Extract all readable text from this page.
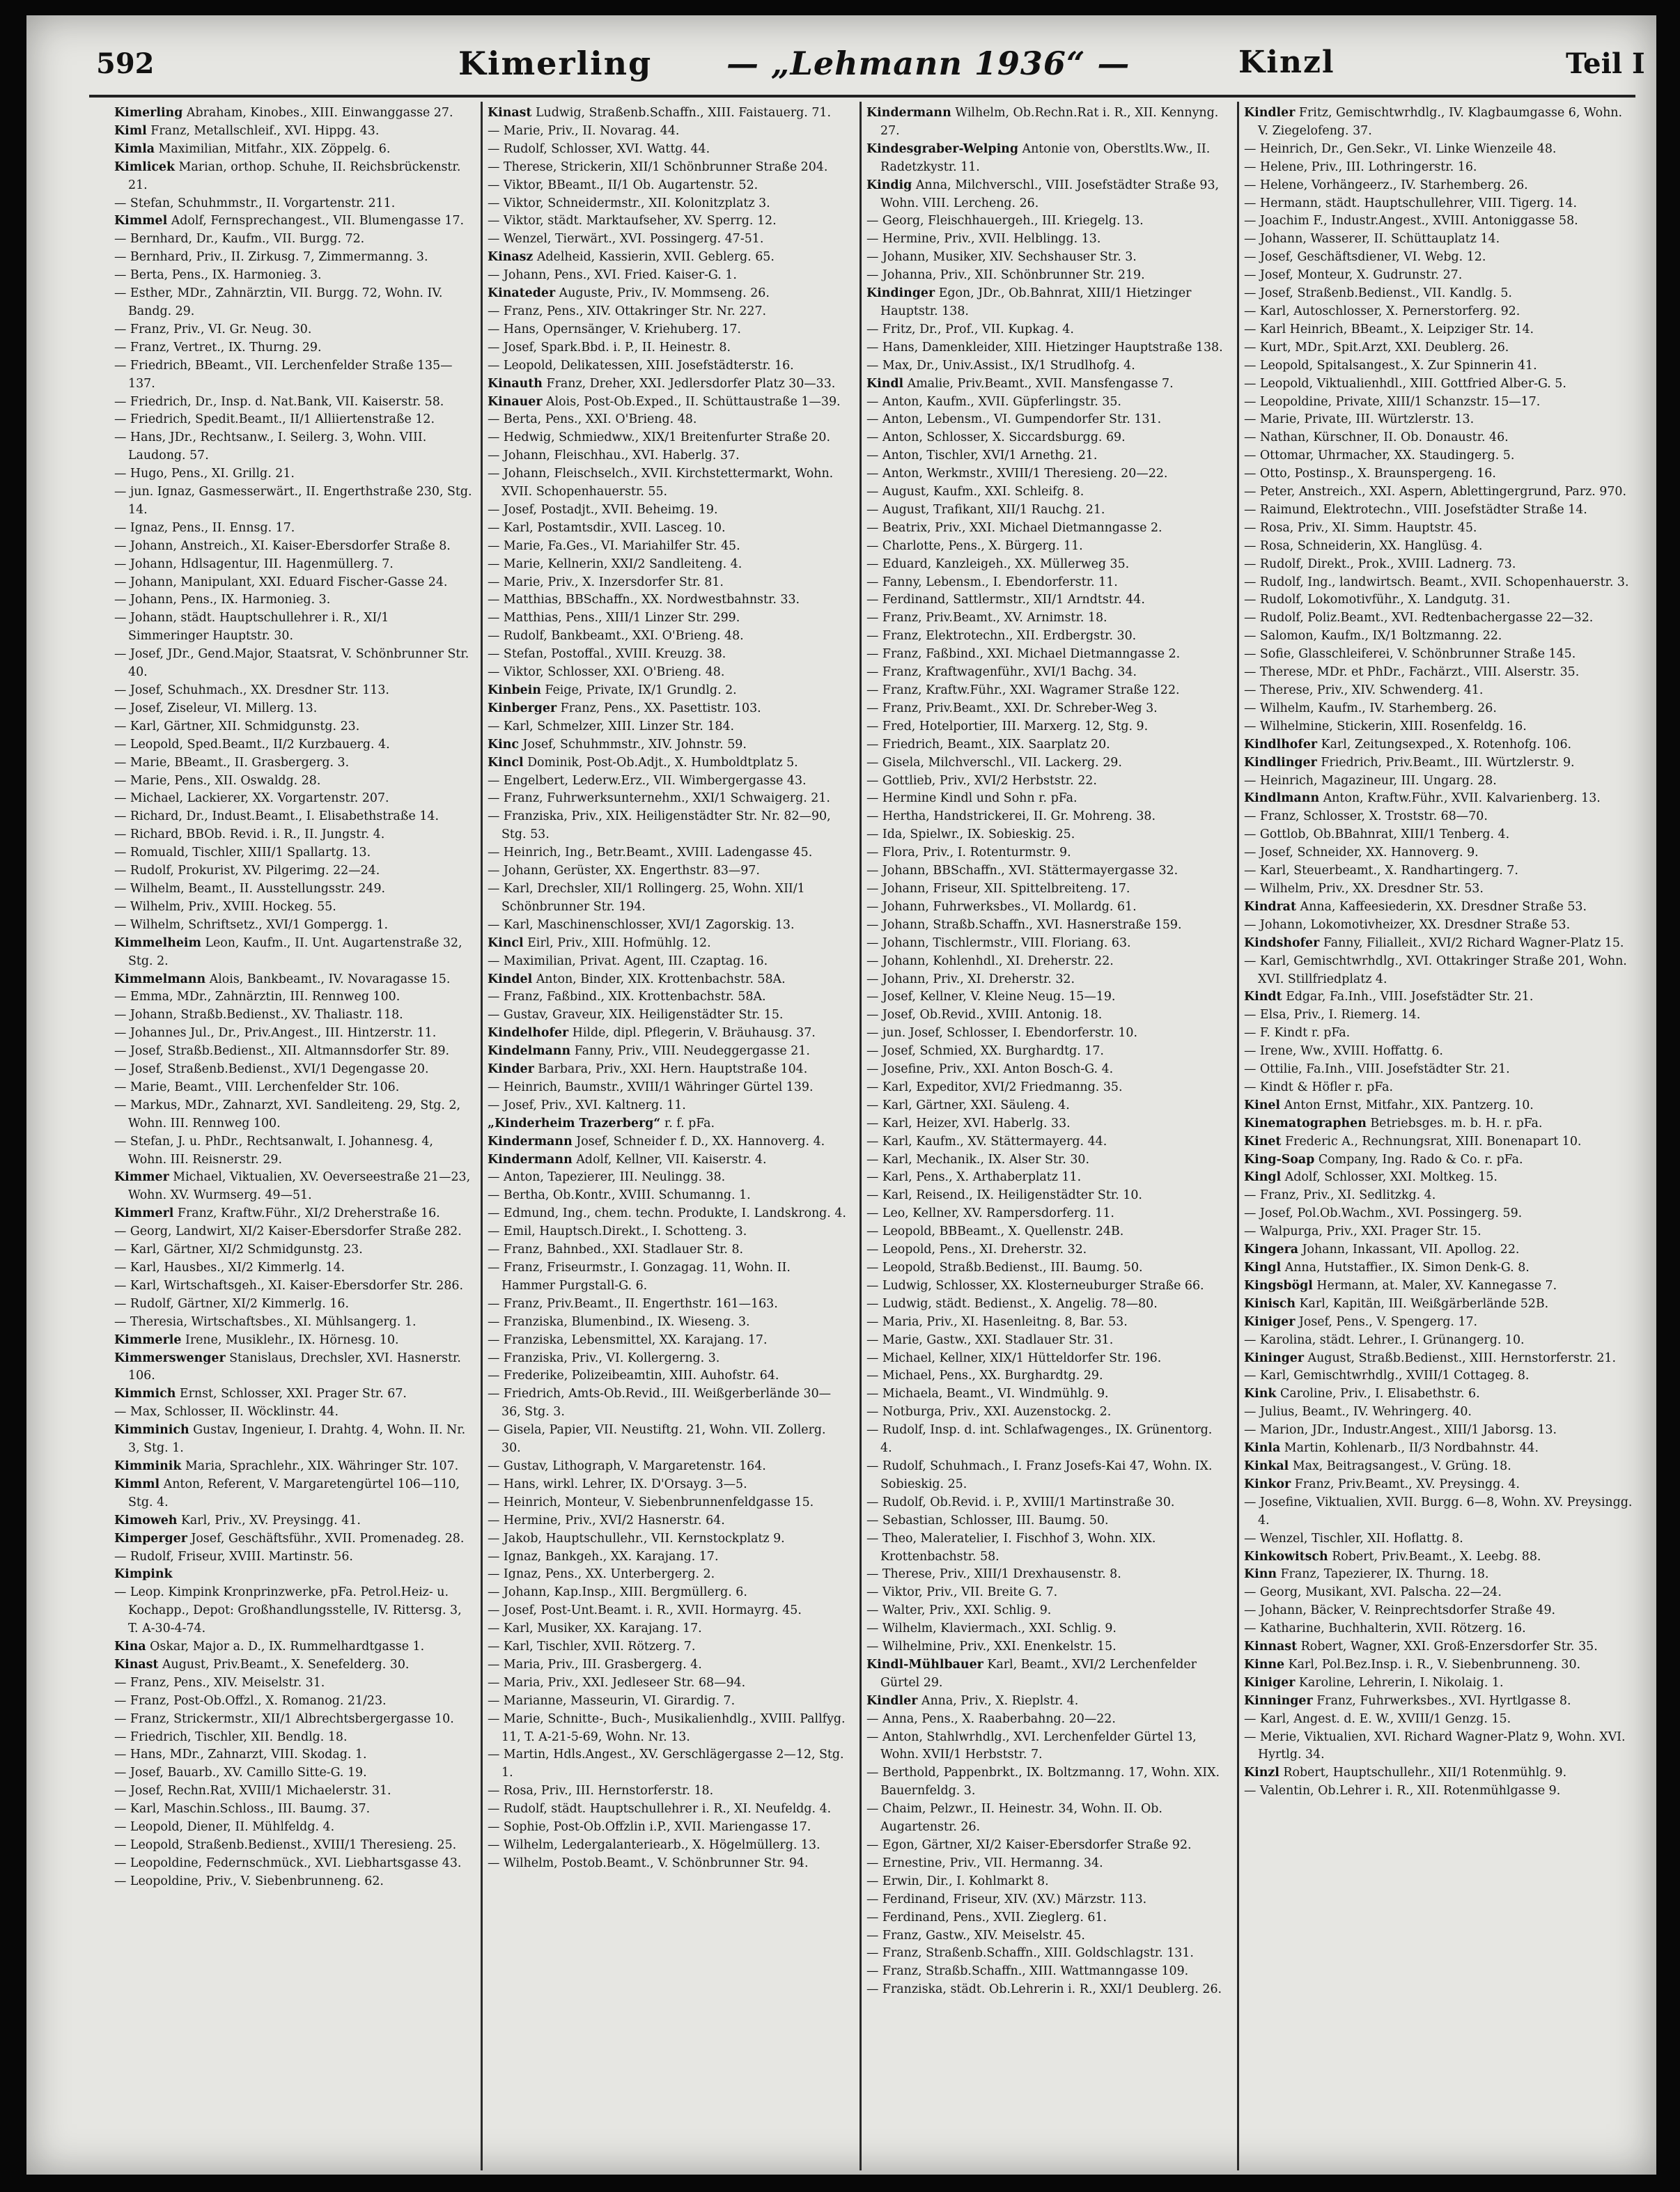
592	Kimerling — „Lehmann 1936“ —	Kinzl	Teil I
Kimerling Abraham, Kinobes., XIII. Einwanggasse 27.
Kiml Franz, Metallschleif., XVI. Hippg. 43.
Kimla Maximilian, Mitfahr., XIX. Zöppelg. 6.
Kimlicek Marian, orthop. Schuhe, II. Reichsbrückenstr. 21.
— Stefan, Schuhmmstr., II. Vorgartenstr. 211.
Kimmel Adolf, Fernsprechangest., VII. Blumengasse 17.
— Bernhard, Dr., Kaufm., VII. Burgg. 72.
— Bernhard, Priv., II. Zirkusg. 7, Zimmermanng. 3.
— Berta, Pens., IX. Harmonieg. 3.
— Esther, MDr., Zahnärztin, VII. Burgg. 72, Wohn. IV. Bandg. 29.
— Franz, Priv., VI. Gr. Neug. 30.
— Franz, Vertret., IX. Thurng. 29.
— Friedrich, BBeamt., VII. Lerchenfelder Straße 135—137.
— Friedrich, Dr., Insp. d. Nat.Bank, VII. Kaiserstr. 58.
— Friedrich, Spedit.Beamt., II/1 Alliiertenstraße 12.
— Hans, JDr., Rechtsanw., I. Seilerg. 3, Wohn. VIII. Laudong. 57.
— Hugo, Pens., XI. Grillg. 21.
— jun. Ignaz, Gasmesserwärt., II. Engerthstraße 230, Stg. 14.
— Ignaz, Pens., II. Ennsg. 17.
— Johann, Anstreich., XI. Kaiser-Ebersdorfer Straße 8.
— Johann, Hdlsagentur, III. Hagenmüllerg. 7.
— Johann, Manipulant, XXI. Eduard Fischer-Gasse 24.
— Johann, Pens., IX. Harmonieg. 3.
— Johann, städt. Hauptschullehrer i. R., XI/1 Simmeringer Hauptstr. 30.
— Josef, JDr., Gend.Major, Staatsrat, V. Schönbrunner Str. 40.
— Josef, Schuhmach., XX. Dresdner Str. 113.
— Josef, Ziseleur, VI. Millerg. 13.
— Karl, Gärtner, XII. Schmidgunstg. 23.
— Leopold, Sped.Beamt., II/2 Kurzbauerg. 4.
— Marie, BBeamt., II. Grasbergerg. 3.
— Marie, Pens., XII. Oswaldg. 28.
— Michael, Lackierer, XX. Vorgartenstr. 207.
— Richard, Dr., Indust.Beamt., I. Elisabethstraße 14.
— Richard, BBOb. Revid. i. R., II. Jungstr. 4.
— Romuald, Tischler, XIII/1 Spallartg. 13.
— Rudolf, Prokurist, XV. Pilgerimg. 22—24.
— Wilhelm, Beamt., II. Ausstellungsstr. 249.
— Wilhelm, Priv., XVIII. Hockeg. 55.
— Wilhelm, Schriftsetz., XVI/1 Gompergg. 1.
Kimmelheim Leon, Kaufm., II. Unt. Augartenstraße 32, Stg. 2.
Kimmelmann Alois, Bankbeamt., IV. Novaragasse 15.
— Emma, MDr., Zahnärztin, III. Rennweg 100.
— Johann, Straßb.Bedienst., XV. Thaliastr. 118.
— Johannes Jul., Dr., Priv.Angest., III. Hintzerstr. 11.
— Josef, Straßb.Bedienst., XII. Altmannsdorfer Str. 89.
— Josef, Straßenb.Bedienst., XVI/1 Degengasse 20.
— Marie, Beamt., VIII. Lerchenfelder Str. 106.
— Markus, MDr., Zahnarzt, XVI. Sandleiteng. 29, Stg. 2, Wohn. III. Rennweg 100.
— Stefan, J. u. PhDr., Rechtsanwalt, I. Johannesg. 4, Wohn. III. Reisnerstr. 29.
Kimmer Michael, Viktualien, XV. Oeverseestraße 21—23, Wohn. XV. Wurmserg. 49—51.
Kimmerl Franz, Kraftw.Führ., XI/2 Dreherstraße 16.
— Georg, Landwirt, XI/2 Kaiser-Ebersdorfer Straße 282.
— Karl, Gärtner, XI/2 Schmidgunstg. 23.
— Karl, Hausbes., XI/2 Kimmerlg. 14.
— Karl, Wirtschaftsgeh., XI. Kaiser-Ebersdorfer Str. 286.
— Rudolf, Gärtner, XI/2 Kimmerlg. 16.
— Theresia, Wirtschaftsbes., XI. Mühlsangerg. 1.
Kimmerle Irene, Musiklehr., IX. Hörnesg. 10.
Kimmerswenger Stanislaus, Drechsler, XVI. Hasnerstr. 106.
Kimmich Ernst, Schlosser, XXI. Prager Str. 67.
— Max, Schlosser, II. Wöcklinstr. 44.
Kimminich Gustav, Ingenieur, I. Drahtg. 4, Wohn. II. Nr. 3, Stg. 1.
Kimminik Maria, Sprachlehr., XIX. Währinger Str. 107.
Kimml Anton, Referent, V. Margaretengürtel 106—110, Stg. 4.
Kimoweh Karl, Priv., XV. Preysingg. 41.
Kimperger Josef, Geschäftsführ., XVII. Promenadeg. 28.
— Rudolf, Friseur, XVIII. Martinstr. 56.
Kimpink
— Leop. Kimpink Kronprinzwerke, pFa. Petrol.Heiz- u. Kochapp., Depot: Großhandlungsstelle, IV. Rittersg. 3, T. A-30-4-74.
Kina Oskar, Major a. D., IX. Rummelhardtgasse 1.
Kinast August, Priv.Beamt., X. Senefelderg. 30.
— Franz, Pens., XIV. Meiselstr. 31.
— Franz, Post-Ob.Offzl., X. Romanog. 21/23.
— Franz, Strickermstr., XII/1 Albrechtsbergergasse 10.
— Friedrich, Tischler, XII. Bendlg. 18.
— Hans, MDr., Zahnarzt, VIII. Skodag. 1.
— Josef, Bauarb., XV. Camillo Sitte-G. 19.
— Josef, Rechn.Rat, XVIII/1 Michaelerstr. 31.
— Karl, Maschin.Schloss., III. Baumg. 37.
— Leopold, Diener, II. Mühlfeldg. 4.
— Leopold, Straßenb.Bedienst., XVIII/1 Theresieng. 25.
— Leopoldine, Federnschmück., XVI. Liebhartsgasse 43.
— Leopoldine, Priv., V. Siebenbrunneng. 62.
Kinast Ludwig, Straßenb.Schaffn., XIII. Faistauerg. 71.
— Marie, Priv., II. Novarag. 44.
— Rudolf, Schlosser, XVI. Wattg. 44.
— Therese, Strickerin, XII/1 Schönbrunner Straße 204.
— Viktor, BBeamt., II/1 Ob. Augartenstr. 52.
— Viktor, Schneidermstr., XII. Kolonitzplatz 3.
— Viktor, städt. Marktaufseher, XV. Sperrg. 12.
— Wenzel, Tierwärt., XVI. Possingerg. 47-51.
Kinasz Adelheid, Kassierin, XVII. Geblerg. 65.
— Johann, Pens., XVI. Fried. Kaiser-G. 1.
Kinateder Auguste, Priv., IV. Mommseng. 26.
— Franz, Pens., XIV. Ottakringer Str. Nr. 227.
— Hans, Opernsänger, V. Kriehuberg. 17.
— Josef, Spark.Bbd. i. P., II. Heinestr. 8.
— Leopold, Delikatessen, XIII. Josefstädterstr. 16.
Kinauth Franz, Dreher, XXI. Jedlersdorfer Platz 30—33.
Kinauer Alois, Post-Ob.Exped., II. Schüttaustraße 1—39.
— Berta, Pens., XXI. O'Brieng. 48.
— Hedwig, Schmiedww., XIX/1 Breitenfurter Straße 20.
— Johann, Fleischhau., XVI. Haberlg. 37.
— Johann, Fleischselch., XVII. Kirchstettermarkt, Wohn. XVII. Schopenhauerstr. 55.
— Josef, Postadjt., XVII. Beheimg. 19.
— Karl, Postamtsdir., XVII. Lasceg. 10.
— Marie, Fa.Ges., VI. Mariahilfer Str. 45.
— Marie, Kellnerin, XXI/2 Sandleiteng. 4.
— Marie, Priv., X. Inzersdorfer Str. 81.
— Matthias, BBSchaffn., XX. Nordwestbahnstr. 33.
— Matthias, Pens., XIII/1 Linzer Str. 299.
— Rudolf, Bankbeamt., XXI. O'Brieng. 48.
— Stefan, Postoffal., XVIII. Kreuzg. 38.
— Viktor, Schlosser, XXI. O'Brieng. 48.
Kinbein Feige, Private, IX/1 Grundlg. 2.
Kinberger Franz, Pens., XX. Pasettistr. 103.
— Karl, Schmelzer, XIII. Linzer Str. 184.
Kinc Josef, Schuhmmstr., XIV. Johnstr. 59.
Kincl Dominik, Post-Ob.Adjt., X. Humboldtplatz 5.
— Engelbert, Lederw.Erz., VII. Wimbergergasse 43.
— Franz, Fuhrwerksunternehm., XXI/1 Schwaigerg. 21.
— Franziska, Priv., XIX. Heiligenstädter Str. Nr. 82—90, Stg. 53.
— Heinrich, Ing., Betr.Beamt., XVIII. Ladengasse 45.
— Johann, Gerüster, XX. Engerthstr. 83—97.
— Karl, Drechsler, XII/1 Rollingerg. 25, Wohn. XII/1 Schönbrunner Str. 194.
— Karl, Maschinenschlosser, XVI/1 Zagorskig. 13.
Kincl Eirl, Priv., XIII. Hofmühlg. 12.
— Maximilian, Privat. Agent, III. Czaptag. 16.
Kindel Anton, Binder, XIX. Krottenbachstr. 58A.
— Franz, Faßbind., XIX. Krottenbachstr. 58A.
— Gustav, Graveur, XIX. Heiligenstädter Str. 15.
Kindelhofer Hilde, dipl. Pflegerin, V. Bräuhausg. 37.
Kindelmann Fanny, Priv., VIII. Neudeggergasse 21.
Kinder Barbara, Priv., XXI. Hern. Hauptstraße 104.
— Heinrich, Baumstr., XVIII/1 Währinger Gürtel 139.
— Josef, Priv., XVI. Kaltnerg. 11.
„Kinderheim Trazerberg“ r. f. pFa.
Kindermann Josef, Schneider f. D., XX. Hannoverg. 4.
Kindermann Adolf, Kellner, VII. Kaiserstr. 4.
— Anton, Tapezierer, III. Neulingg. 38.
— Bertha, Ob.Kontr., XVIII. Schumanng. 1.
— Edmund, Ing., chem. techn. Produkte, I. Landskrong. 4.
— Emil, Hauptsch.Direkt., I. Schotteng. 3.
— Franz, Bahnbed., XXI. Stadlauer Str. 8.
— Franz, Friseurmstr., I. Gonzagag. 11, Wohn. II. Hammer Purgstall-G. 6.
— Franz, Priv.Beamt., II. Engerthstr. 161—163.
— Franziska, Blumenbind., IX. Wieseng. 3.
— Franziska, Lebensmittel, XX. Karajang. 17.
— Franziska, Priv., VI. Kollergerng. 3.
— Frederike, Polizeibeamtin, XIII. Auhofstr. 64.
— Friedrich, Amts-Ob.Revid., III. Weißgerberlände 30—36, Stg. 3.
— Gisela, Papier, VII. Neustiftg. 21, Wohn. VII. Zollerg. 30.
— Gustav, Lithograph, V. Margaretenstr. 164.
— Hans, wirkl. Lehrer, IX. D'Orsayg. 3—5.
— Heinrich, Monteur, V. Siebenbrunnenfeldgasse 15.
— Hermine, Priv., XVI/2 Hasnerstr. 64.
— Jakob, Hauptschullehr., VII. Kernstockplatz 9.
— Ignaz, Bankgeh., XX. Karajang. 17.
— Ignaz, Pens., XX. Unterbergerg. 2.
— Johann, Kap.Insp., XIII. Bergmüllerg. 6.
— Josef, Post-Unt.Beamt. i. R., XVII. Hormayrg. 45.
— Karl, Musiker, XX. Karajang. 17.
— Karl, Tischler, XVII. Rötzerg. 7.
— Maria, Priv., III. Grasbergerg. 4.
— Maria, Priv., XXI. Jedleseer Str. 68—94.
— Marianne, Masseurin, VI. Girardig. 7.
— Marie, Schnitte-, Buch-, Musikalienhdlg., XVIII. Pallfyg. 11, T. A-21-5-69, Wohn. Nr. 13.
— Martin, Hdls.Angest., XV. Gerschlägergasse 2—12, Stg. 1.
— Rosa, Priv., III. Hernstorferstr. 18.
— Rudolf, städt. Hauptschullehrer i. R., XI. Neufeldg. 4.
— Sophie, Post-Ob.Offzlin i.P., XVII. Mariengasse 17.
— Wilhelm, Ledergalanteriearb., X. Högelmüllerg. 13.
— Wilhelm, Postob.Beamt., V. Schönbrunner Str. 94.
Kindermann Wilhelm, Ob.Rechn.Rat i. R., XII. Kennyng. 27.
Kindesgraber-Welping Antonie von, Oberstlts.Ww., II. Radetzkystr. 11.
Kindig Anna, Milchverschl., VIII. Josefstädter Straße 93, Wohn. VIII. Lercheng. 26.
— Georg, Fleischhauergeh., III. Kriegelg. 13.
— Hermine, Priv., XVII. Helblingg. 13.
— Johann, Musiker, XIV. Sechshauser Str. 3.
— Johanna, Priv., XII. Schönbrunner Str. 219.
Kindinger Egon, JDr., Ob.Bahnrat, XIII/1 Hietzinger Hauptstr. 138.
— Fritz, Dr., Prof., VII. Kupkag. 4.
— Hans, Damenkleider, XIII. Hietzinger Hauptstraße 138.
— Max, Dr., Univ.Assist., IX/1 Strudlhofg. 4.
Kindl Amalie, Priv.Beamt., XVII. Mansfengasse 7.
— Anton, Kaufm., XVII. Güpferlingstr. 35.
— Anton, Lebensm., VI. Gumpendorfer Str. 131.
— Anton, Schlosser, X. Siccardsburgg. 69.
— Anton, Tischler, XVI/1 Arnethg. 21.
— Anton, Werkmstr., XVIII/1 Theresieng. 20—22.
— August, Kaufm., XXI. Schleifg. 8.
— August, Trafikant, XII/1 Rauchg. 21.
— Beatrix, Priv., XXI. Michael Dietmanngasse 2.
— Charlotte, Pens., X. Bürgerg. 11.
— Eduard, Kanzleigeh., XX. Müllerweg 35.
— Fanny, Lebensm., I. Ebendorferstr. 11.
— Ferdinand, Sattlermstr., XII/1 Arndtstr. 44.
— Franz, Priv.Beamt., XV. Arnimstr. 18.
— Franz, Elektrotechn., XII. Erdbergstr. 30.
— Franz, Faßbind., XXI. Michael Dietmanngasse 2.
— Franz, Kraftwagenführ., XVI/1 Bachg. 34.
— Franz, Kraftw.Führ., XXI. Wagramer Straße 122.
— Franz, Priv.Beamt., XXI. Dr. Schreber-Weg 3.
— Fred, Hotelportier, III. Marxerg. 12, Stg. 9.
— Friedrich, Beamt., XIX. Saarplatz 20.
— Gisela, Milchverschl., VII. Lackerg. 29.
— Gottlieb, Priv., XVI/2 Herbststr. 22.
— Hermine Kindl und Sohn r. pFa.
— Hertha, Handstrickerei, II. Gr. Mohreng. 38.
— Ida, Spielwr., IX. Sobieskig. 25.
— Flora, Priv., I. Rotenturmstr. 9.
— Johann, BBSchaffn., XVI. Stättermayergasse 32.
— Johann, Friseur, XII. Spittelbreiteng. 17.
— Johann, Fuhrwerksbes., VI. Mollardg. 61.
— Johann, Straßb.Schaffn., XVI. Hasnerstraße 159.
— Johann, Tischlermstr., VIII. Floriang. 63.
— Johann, Kohlenhdl., XI. Dreherstr. 22.
— Johann, Priv., XI. Dreherstr. 32.
— Josef, Kellner, V. Kleine Neug. 15—19.
— Josef, Ob.Revid., XVIII. Antonig. 18.
— jun. Josef, Schlosser, I. Ebendorferstr. 10.
— Josef, Schmied, XX. Burghardtg. 17.
— Josefine, Priv., XXI. Anton Bosch-G. 4.
— Karl, Expeditor, XVI/2 Friedmanng. 35.
— Karl, Gärtner, XXI. Säuleng. 4.
— Karl, Heizer, XVI. Haberlg. 33.
— Karl, Kaufm., XV. Stättermayerg. 44.
— Karl, Mechanik., IX. Alser Str. 30.
— Karl, Pens., X. Arthaberplatz 11.
— Karl, Reisend., IX. Heiligenstädter Str. 10.
— Leo, Kellner, XV. Rampersdorferg. 11.
— Leopold, BBBeamt., X. Quellenstr. 24B.
— Leopold, Pens., XI. Dreherstr. 32.
— Leopold, Straßb.Bedienst., III. Baumg. 50.
— Ludwig, Schlosser, XX. Klosterneuburger Straße 66.
— Ludwig, städt. Bedienst., X. Angelig. 78—80.
— Maria, Priv., XI. Hasenleitng. 8, Bar. 53.
— Marie, Gastw., XXI. Stadlauer Str. 31.
— Michael, Kellner, XIX/1 Hütteldorfer Str. 196.
— Michael, Pens., XX. Burghardtg. 29.
— Michaela, Beamt., VI. Windmühlg. 9.
— Notburga, Priv., XXI. Auzenstockg. 2.
— Rudolf, Insp. d. int. Schlafwagenges., IX. Grünentorg. 4.
— Rudolf, Schuhmach., I. Franz Josefs-Kai 47, Wohn. IX. Sobieskig. 25.
— Rudolf, Ob.Revid. i. P., XVIII/1 Martinstraße 30.
— Sebastian, Schlosser, III. Baumg. 50.
— Theo, Maleratelier, I. Fischhof 3, Wohn. XIX. Krottenbachstr. 58.
— Therese, Priv., XIII/1 Drexhausenstr. 8.
— Viktor, Priv., VII. Breite G. 7.
— Walter, Priv., XXI. Schlig. 9.
— Wilhelm, Klaviermach., XXI. Schlig. 9.
— Wilhelmine, Priv., XXI. Enenkelstr. 15.
Kindl-Mühlbauer Karl, Beamt., XVI/2 Lerchenfelder Gürtel 29.
Kindler Anna, Priv., X. Rieplstr. 4.
— Anna, Pens., X. Raaberbahng. 20—22.
— Anton, Stahlwrhdlg., XVI. Lerchenfelder Gürtel 13, Wohn. XVII/1 Herbststr. 7.
— Berthold, Pappenbrkt., IX. Boltzmanng. 17, Wohn. XIX. Bauernfeldg. 3.
— Chaim, Pelzwr., II. Heinestr. 34, Wohn. II. Ob. Augartenstr. 26.
— Egon, Gärtner, XI/2 Kaiser-Ebersdorfer Straße 92.
— Ernestine, Priv., VII. Hermanng. 34.
— Erwin, Dir., I. Kohlmarkt 8.
— Ferdinand, Friseur, XIV. (XV.) Märzstr. 113.
— Ferdinand, Pens., XVII. Zieglerg. 61.
— Franz, Gastw., XIV. Meiselstr. 45.
— Franz, Straßenb.Schaffn., XIII. Goldschlagstr. 131.
— Franz, Straßb.Schaffn., XIII. Wattmanngasse 109.
— Franziska, städt. Ob.Lehrerin i. R., XXI/1 Deublerg. 26.
Kindler Fritz, Gemischtwrhdlg., IV. Klagbaumgasse 6, Wohn. V. Ziegelofeng. 37.
— Heinrich, Dr., Gen.Sekr., VI. Linke Wienzeile 48.
— Helene, Priv., III. Lothringerstr. 16.
— Helene, Vorhängeerz., IV. Starhemberg. 26.
— Hermann, städt. Hauptschullehrer, VIII. Tigerg. 14.
— Joachim F., Industr.Angest., XVIII. Antoniggasse 58.
— Johann, Wasserer, II. Schüttauplatz 14.
— Josef, Geschäftsdiener, VI. Webg. 12.
— Josef, Monteur, X. Gudrunstr. 27.
— Josef, Straßenb.Bedienst., VII. Kandlg. 5.
— Karl, Autoschlosser, X. Pernerstorferg. 92.
— Karl Heinrich, BBeamt., X. Leipziger Str. 14.
— Kurt, MDr., Spit.Arzt, XXI. Deublerg. 26.
— Leopold, Spitalsangest., X. Zur Spinnerin 41.
— Leopold, Viktualienhdl., XIII. Gottfried Alber-G. 5.
— Leopoldine, Private, XIII/1 Schanzstr. 15—17.
— Marie, Private, III. Würtzlerstr. 13.
— Nathan, Kürschner, II. Ob. Donaustr. 46.
— Ottomar, Uhrmacher, XX. Staudingerg. 5.
— Otto, Postinsp., X. Braunspergeng. 16.
— Peter, Anstreich., XXI. Aspern, Ablettingergrund, Parz. 970.
— Raimund, Elektrotechn., VIII. Josefstädter Straße 14.
— Rosa, Priv., XI. Simm. Hauptstr. 45.
— Rosa, Schneiderin, XX. Hanglüsg. 4.
— Rudolf, Direkt., Prok., XVIII. Ladnerg. 73.
— Rudolf, Ing., landwirtsch. Beamt., XVII. Schopenhauerstr. 3.
— Rudolf, Lokomotivführ., X. Landgutg. 31.
— Rudolf, Poliz.Beamt., XVI. Redtenbachergasse 22—32.
— Salomon, Kaufm., IX/1 Boltzmanng. 22.
— Sofie, Glasschleiferei, V. Schönbrunner Straße 145.
— Therese, MDr. et PhDr., Fachärzt., VIII. Alserstr. 35.
— Therese, Priv., XIV. Schwenderg. 41.
— Wilhelm, Kaufm., IV. Starhemberg. 26.
— Wilhelmine, Stickerin, XIII. Rosenfeldg. 16.
Kindlhofer Karl, Zeitungsexped., X. Rotenhofg. 106.
Kindlinger Friedrich, Priv.Beamt., III. Würtzlerstr. 9.
— Heinrich, Magazineur, III. Ungarg. 28.
Kindlmann Anton, Kraftw.Führ., XVII. Kalvarienberg. 13.
— Franz, Schlosser, X. Troststr. 68—70.
— Gottlob, Ob.BBahnrat, XIII/1 Tenberg. 4.
— Josef, Schneider, XX. Hannoverg. 9.
— Karl, Steuerbeamt., X. Randhartingerg. 7.
— Wilhelm, Priv., XX. Dresdner Str. 53.
Kindrat Anna, Kaffeesiederin, XX. Dresdner Straße 53.
— Johann, Lokomotivheizer, XX. Dresdner Straße 53.
Kindshofer Fanny, Filialleit., XVI/2 Richard Wagner-Platz 15.
— Karl, Gemischtwrhdlg., XVI. Ottakringer Straße 201, Wohn. XVI. Stillfriedplatz 4.
Kindt Edgar, Fa.Inh., VIII. Josefstädter Str. 21.
— Elsa, Priv., I. Riemerg. 14.
— F. Kindt r. pFa.
— Irene, Ww., XVIII. Hoffattg. 6.
— Ottilie, Fa.Inh., VIII. Josefstädter Str. 21.
— Kindt & Höfler r. pFa.
Kinel Anton Ernst, Mitfahr., XIX. Pantzerg. 10.
Kinematographen Betriebsges. m. b. H. r. pFa.
Kinet Frederic A., Rechnungsrat, XIII. Bonenapart 10.
King-Soap Company, Ing. Rado & Co. r. pFa.
Kingl Adolf, Schlosser, XXI. Moltkeg. 15.
— Franz, Priv., XI. Sedlitzkg. 4.
— Josef, Pol.Ob.Wachm., XVI. Possingerg. 59.
— Walpurga, Priv., XXI. Prager Str. 15.
Kingera Johann, Inkassant, VII. Apollog. 22.
Kingl Anna, Hutstaffier., IX. Simon Denk-G. 8.
Kingsbögl Hermann, at. Maler, XV. Kannegasse 7.
Kinisch Karl, Kapitän, III. Weißgärberlände 52B.
Kiniger Josef, Pens., V. Spengerg. 17.
— Karolina, städt. Lehrer., I. Grünangerg. 10.
Kininger August, Straßb.Bedienst., XIII. Hernstorferstr. 21.
— Karl, Gemischtwrhdlg., XVIII/1 Cottageg. 8.
Kink Caroline, Priv., I. Elisabethstr. 6.
— Julius, Beamt., IV. Wehringerg. 40.
— Marion, JDr., Industr.Angest., XIII/1 Jaborsg. 13.
Kinla Martin, Kohlenarb., II/3 Nordbahnstr. 44.
Kinkal Max, Beitragsangest., V. Grüng. 18.
Kinkor Franz, Priv.Beamt., XV. Preysingg. 4.
— Josefine, Viktualien, XVII. Burgg. 6—8, Wohn. XV. Preysingg. 4.
— Wenzel, Tischler, XII. Hoflattg. 8.
Kinkowitsch Robert, Priv.Beamt., X. Leebg. 88.
Kinn Franz, Tapezierer, IX. Thurng. 18.
— Georg, Musikant, XVI. Palscha. 22—24.
— Johann, Bäcker, V. Reinprechtsdorfer Straße 49.
— Katharine, Buchhalterin, XVII. Rötzerg. 16.
Kinnast Robert, Wagner, XXI. Groß-Enzersdorfer Str. 35.
Kinne Karl, Pol.Bez.Insp. i. R., V. Siebenbrunneng. 30.
Kiniger Karoline, Lehrerin, I. Nikolaig. 1.
Kinninger Franz, Fuhrwerksbes., XVI. Hyrtlgasse 8.
— Karl, Angest. d. E. W., XVIII/1 Genzg. 15.
— Merie, Viktualien, XVI. Richard Wagner-Platz 9, Wohn. XVI. Hyrtlg. 34.
Kinzl Robert, Hauptschullehr., XII/1 Rotenmühlg. 9.
— Valentin, Ob.Lehrer i. R., XII. Rotenmühlgasse 9.
